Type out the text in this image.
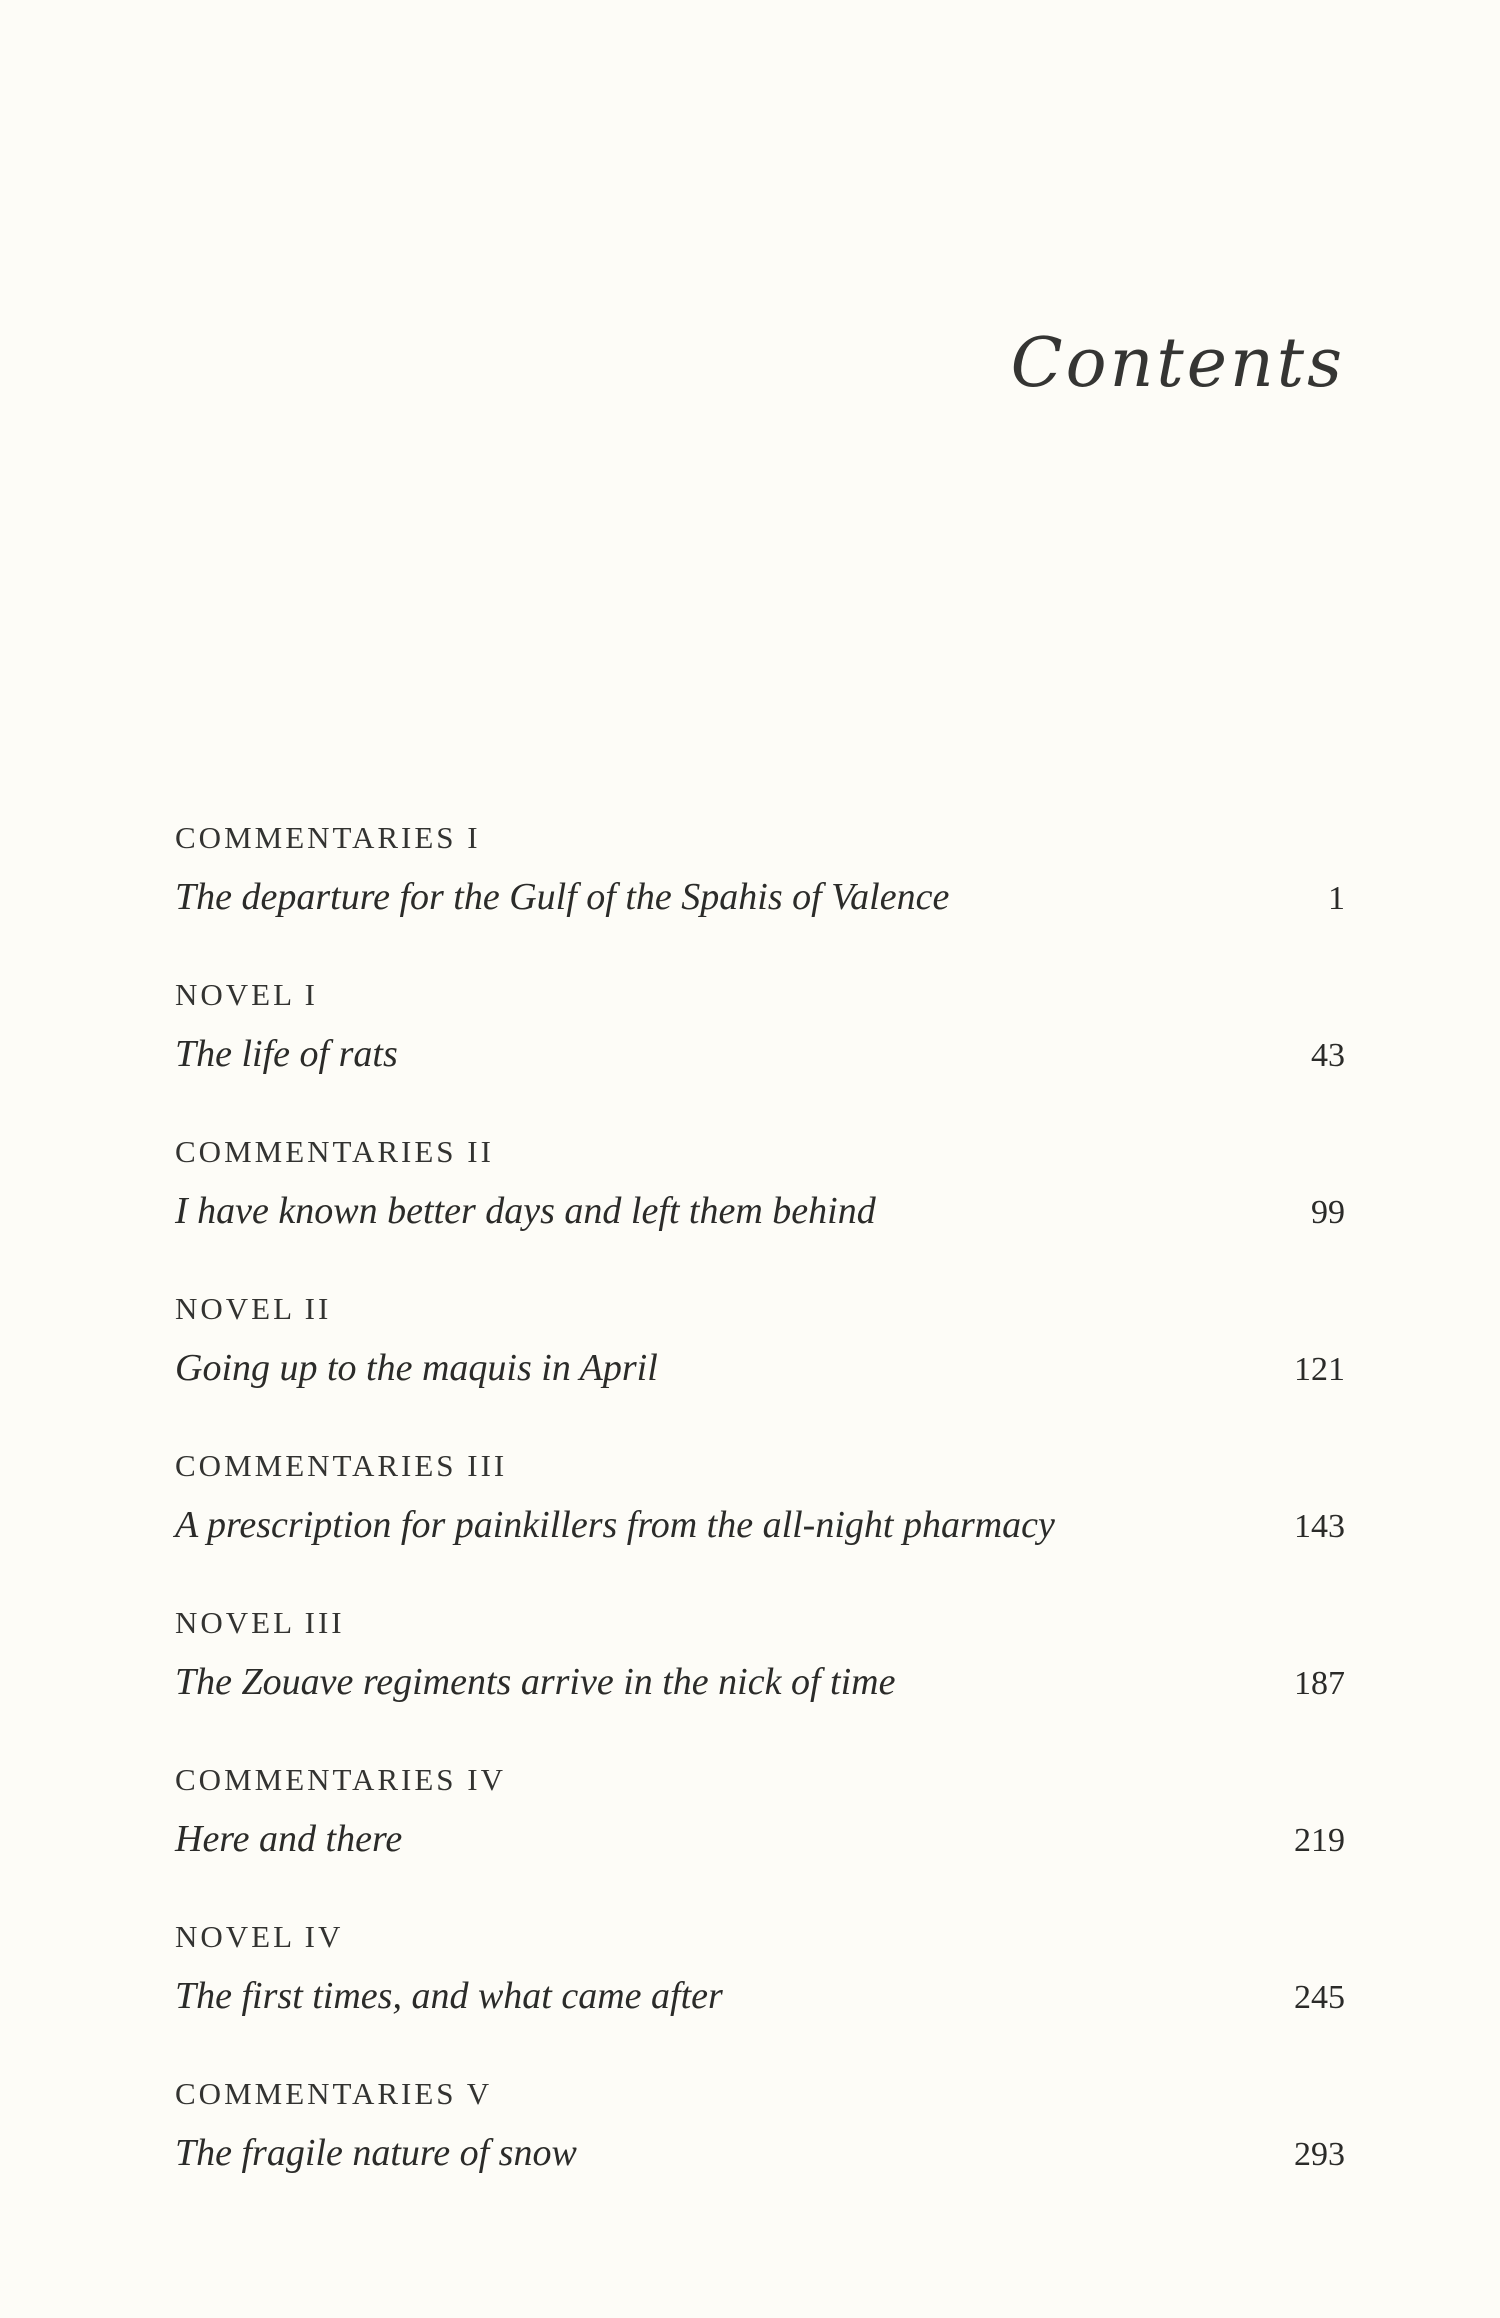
Contents
COMMENTARIES I
The departure for the Gulf of the Spahis of Valence	1
NOVEL I
The life of rats	43
COMMENTARIES II
I have known better days and left them behind	99
NOVEL II
Going up to the maquis in April	121
COMMENTARIES III
A prescription for painkillers from the all-night pharmacy	143
NOVEL III
The Zouave regiments arrive in the nick of time	187
COMMENTARIES IV
Here and there	219
NOVEL IV
The first times, and what came after	245
COMMENTARIES V
The fragile nature of snow	293
